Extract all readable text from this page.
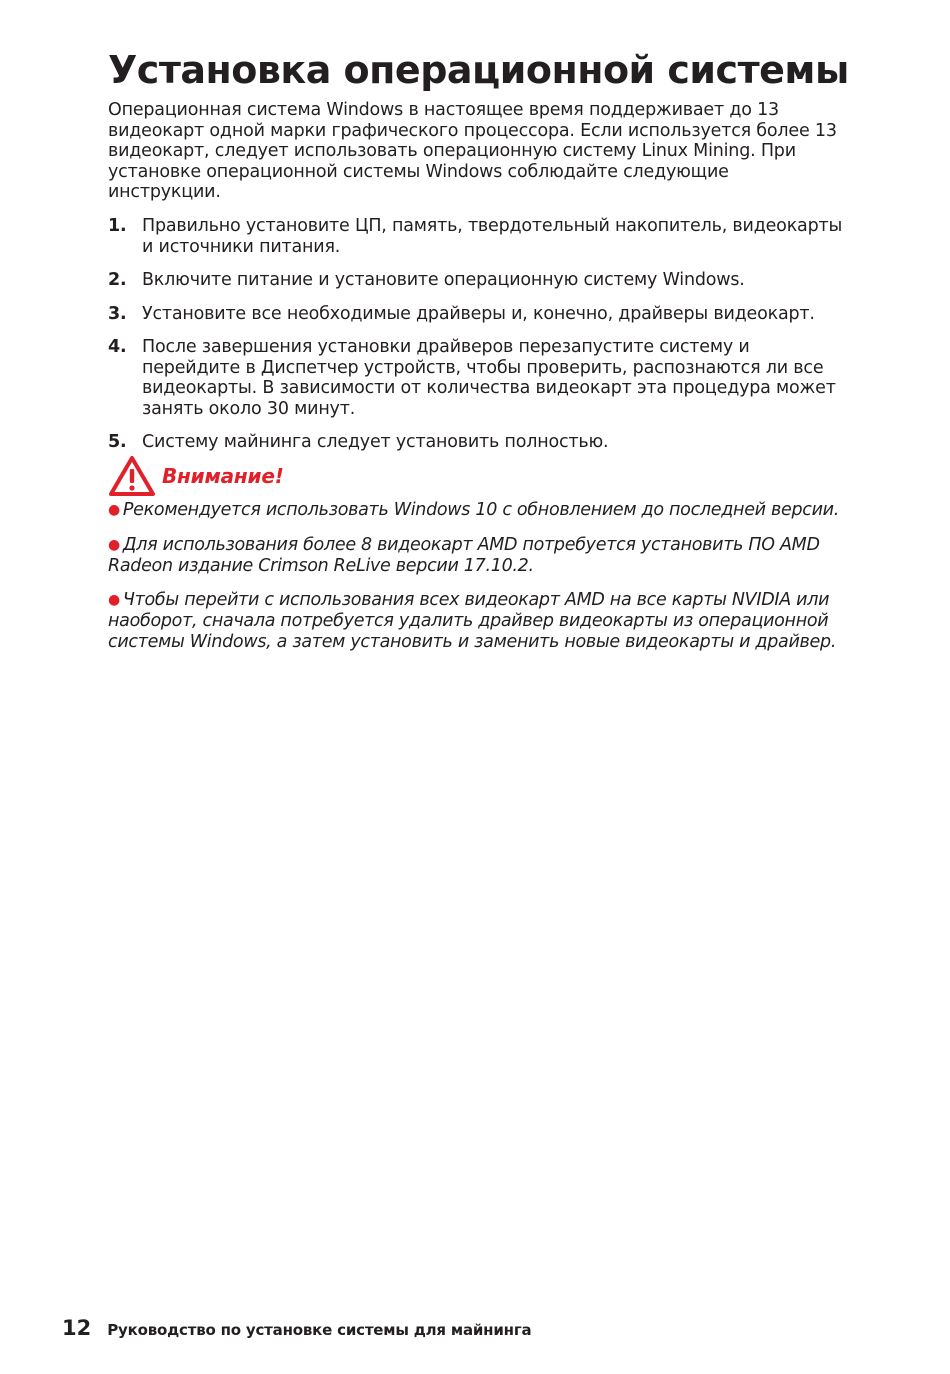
Установка операционной системы

Операционная система Windows в настоящее время поддерживает до 13 видеокарт одной марки графического процессора. Если используется более 13 видеокарт, следует использовать операционную систему Linux Mining. При установке операционной системы Windows соблюдайте следующие инструкции.

1. Правильно установите ЦП, память, твердотельный накопитель, видеокарты и источники питания.
2. Включите питание и установите операционную систему Windows.
3. Установите все необходимые драйверы и, конечно, драйверы видеокарт.
4. После завершения установки драйверов перезапустите систему и перейдите в Диспетчер устройств, чтобы проверить, распознаются ли все видеокарты. В зависимости от количества видеокарт эта процедура может занять около 30 минут.
5. Систему майнинга следует установить полностью.
Внимание!

● Рекомендуется использовать Windows 10 с обновлением до последней версии.

● Для использования более 8 видеокарт AMD потребуется установить ПО AMD Radeon издание Crimson ReLive версии 17.10.2.

● Чтобы перейти с использования всех видеокарт AMD на все карты NVIDIA или наоборот, сначала потребуется удалить драйвер видеокарты из операционной системы Windows, а затем установить и заменить новые видеокарты и драйвер.

12 Руководство по установке системы для майнинга
